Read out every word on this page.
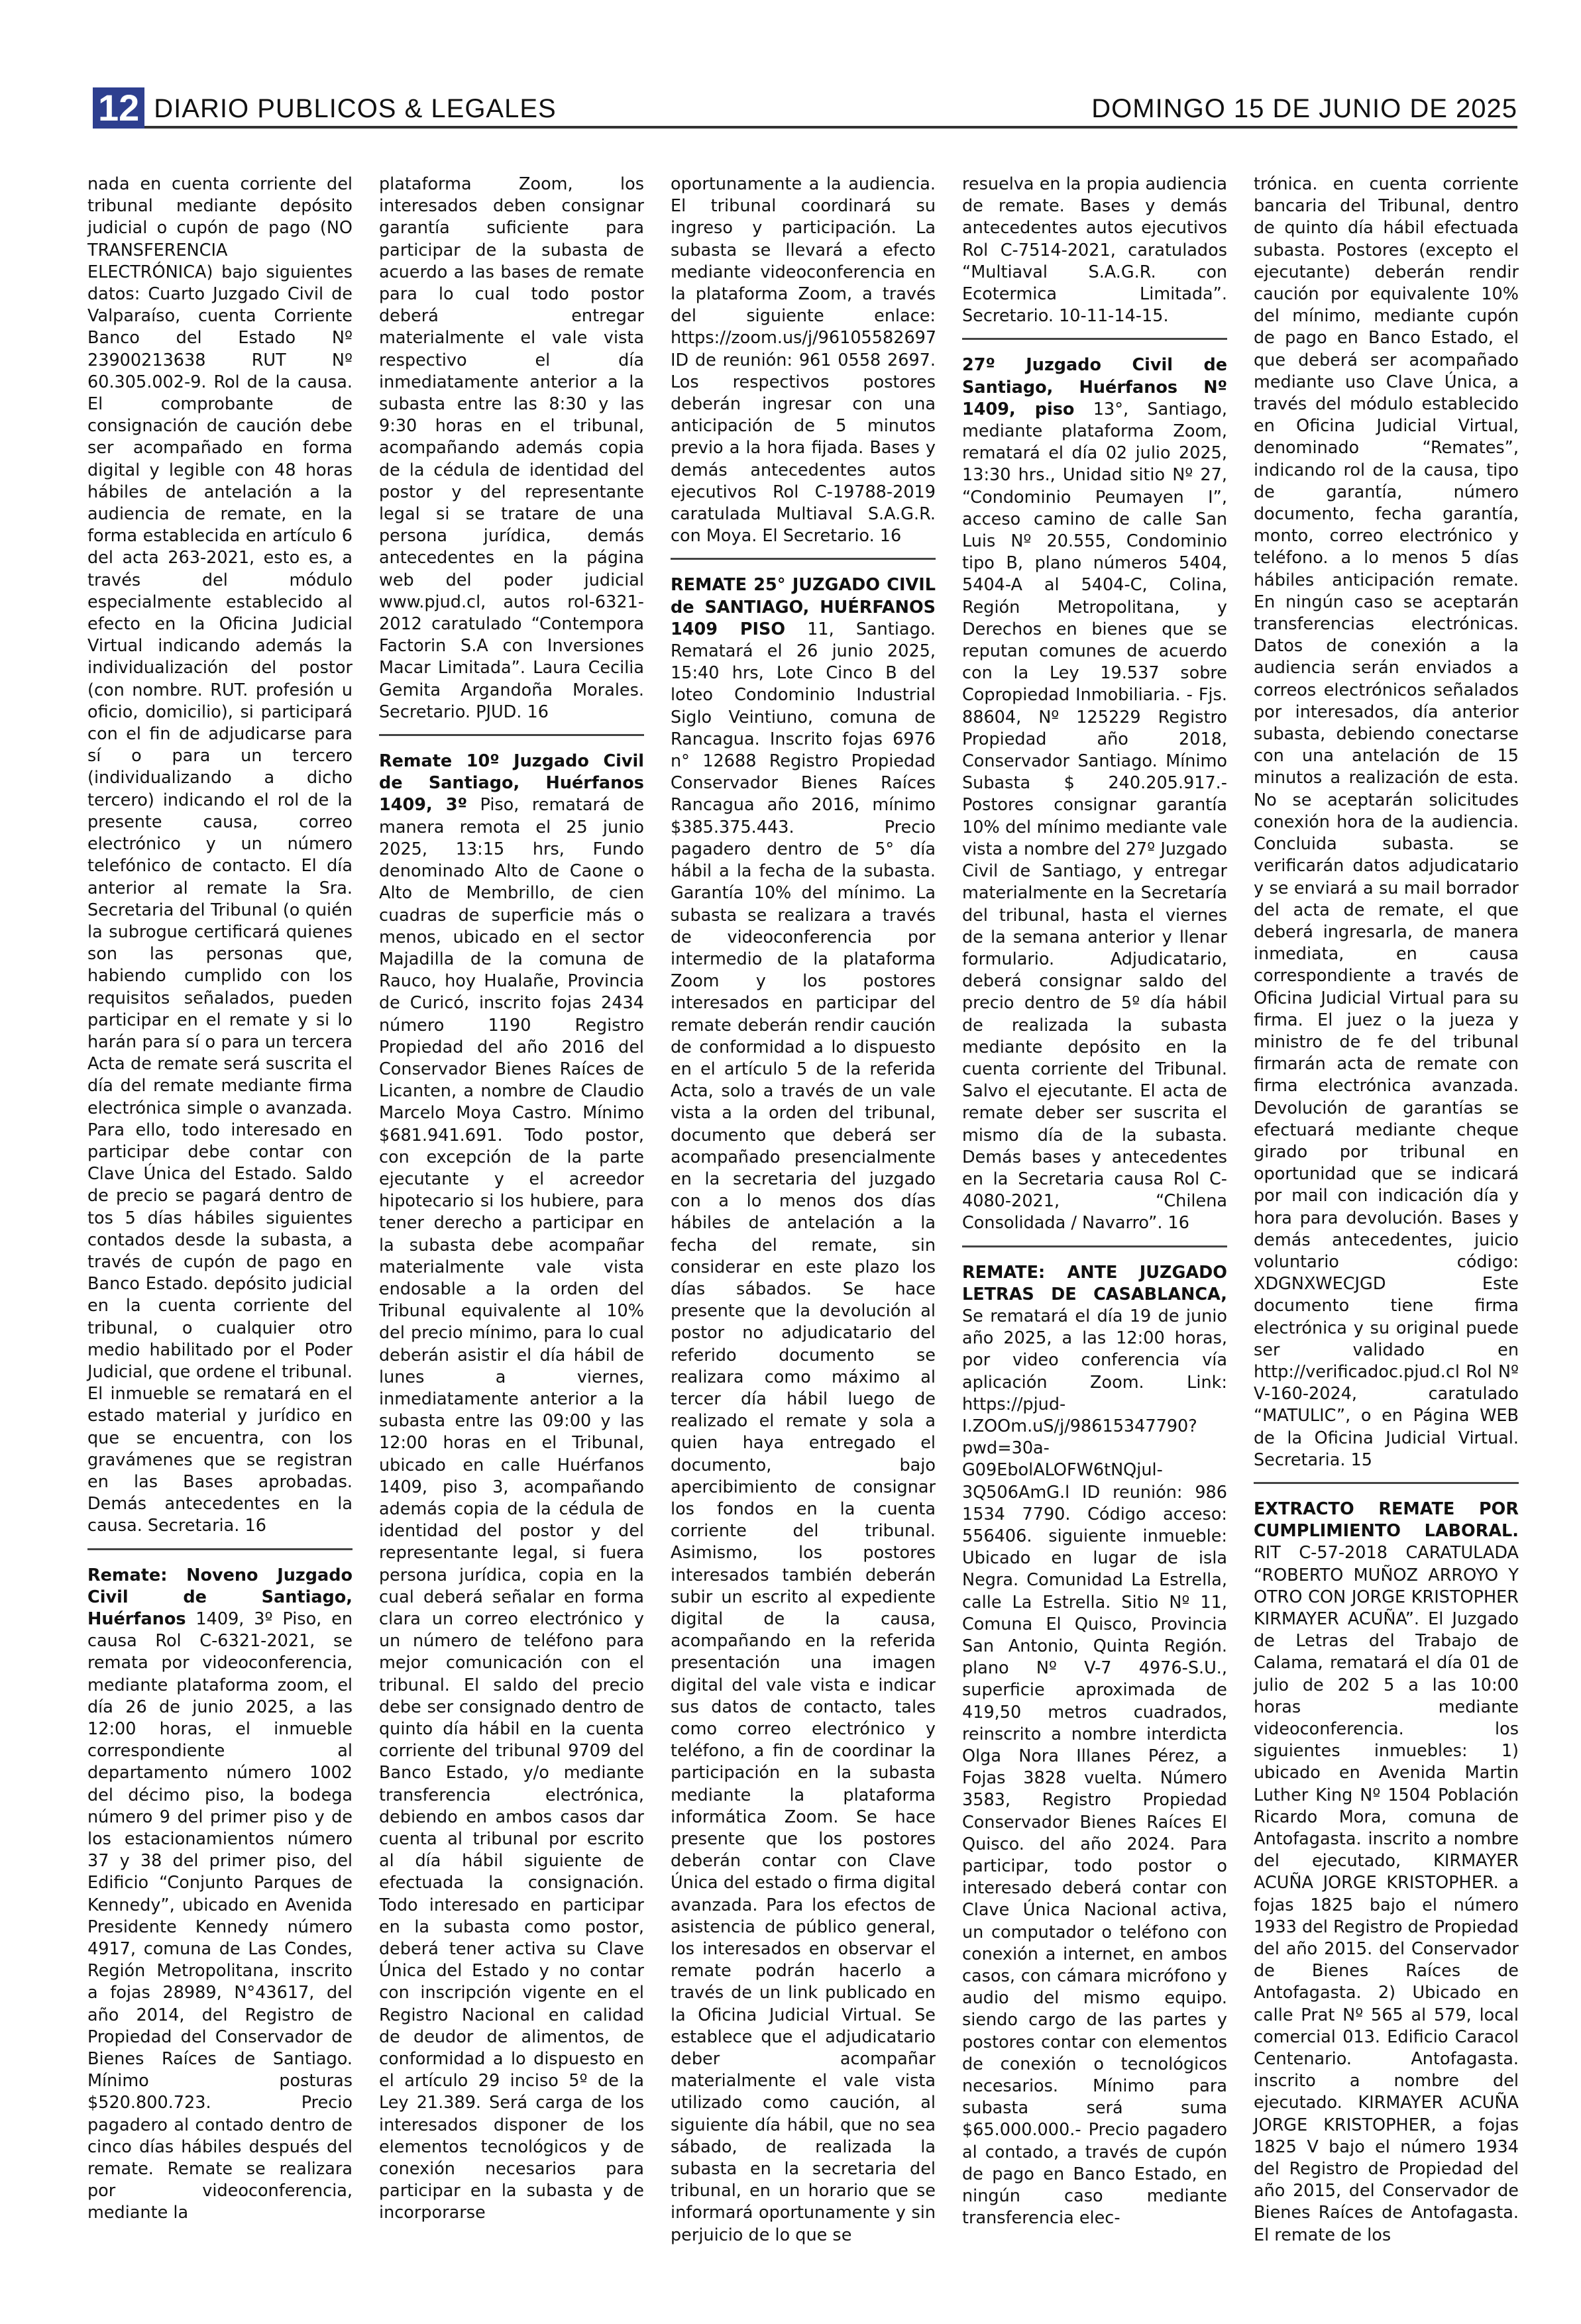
12 DIARIO PUBLICOS & LEGALES	DOMINGO 15 DE JUNIO DE 2025

nada en cuenta corriente del tribunal mediante depósito judicial o cupón de pago (NO TRANSFERENCIA ELECTRÓNICA) bajo siguientes datos: Cuarto Juzgado Civil de Valparaíso, cuenta Corriente Banco del Estado Nº 23900213638 RUT Nº 60.305.002-9. Rol de la causa. El comprobante de consignación de caución debe ser acompañado en forma digital y legible con 48 horas hábiles de antelación a la audiencia de remate, en la forma establecida en artículo 6 del acta 263-2021, esto es, a través del módulo especialmente establecido al efecto en la Oficina Judicial Virtual indicando además la individualización del postor (con nombre. RUT. profesión u oficio, domicilio), si participará con el fin de adjudicarse para sí o para un tercero (individualizando a dicho tercero) indicando el rol de la presente causa, correo electrónico y un número telefónico de contacto. El día anterior al remate la Sra. Secretaria del Tribunal (o quién la subrogue certificará quienes son las personas que, habiendo cumplido con los requisitos señalados, pueden participar en el remate y si lo harán para sí o para un tercera Acta de remate será suscrita el día del remate mediante firma electrónica simple o avanzada. Para ello, todo interesado en participar debe contar con Clave Única del Estado. Saldo de precio se pagará dentro de tos 5 días hábiles siguientes contados desde la subasta, a través de cupón de pago en Banco Estado. depósito judicial en la cuenta corriente del tribunal, o cualquier otro medio habilitado por el Poder Judicial, que ordene el tribunal. El inmueble se rematará en el estado material y jurídico en que se encuentra, con los gravámenes que se registran en las Bases aprobadas. Demás antecedentes en la causa. Secretaria. 16

Remate: Noveno Juzgado Civil de Santiago, Huérfanos 1409, 3º Piso, en causa Rol C-6321-2021, se remata por videoconferencia, mediante plataforma zoom, el día 26 de junio 2025, a las 12:00 horas, el inmueble correspondiente al departamento número 1002 del décimo piso, la bodega número 9 del primer piso y de los estacionamientos número 37 y 38 del primer piso, del Edificio “Conjunto Parques de Kennedy”, ubicado en Avenida Presidente Kennedy número 4917, comuna de Las Condes, Región Metropolitana, inscrito a fojas 28989, N°43617, del año 2014, del Registro de Propiedad del Conservador de Bienes Raíces de Santiago. Mínimo posturas $520.800.723. Precio pagadero al contado dentro de cinco días hábiles después del remate. Remate se realizara por videoconferencia, mediante la

plataforma Zoom, los interesados deben consignar garantía suficiente para participar de la subasta de acuerdo a las bases de remate para lo cual todo postor deberá entregar materialmente el vale vista respectivo el día inmediatamente anterior a la subasta entre las 8:30 y las 9:30 horas en el tribunal, acompañando además copia de la cédula de identidad del postor y del representante legal si se tratare de una persona jurídica, demás antecedentes en la página web del poder judicial www.pjud.cl, autos rol-6321-2012 caratulado “Contempora Factorin S.A con Inversiones Macar Limitada”. Laura Cecilia Gemita Argandoña Morales. Secretario. PJUD. 16

Remate 10º Juzgado Civil de Santiago, Huérfanos 1409, 3º Piso, rematará de manera remota el 25 junio 2025, 13:15 hrs, Fundo denominado Alto de Caone o Alto de Membrillo, de cien cuadras de superficie más o menos, ubicado en el sector Majadilla de la comuna de Rauco, hoy Hualañe, Provincia de Curicó, inscrito fojas 2434 número 1190 Registro Propiedad del año 2016 del Conservador Bienes Raíces de Licanten, a nombre de Claudio Marcelo Moya Castro. Mínimo $681.941.691. Todo postor, con excepción de la parte ejecutante y el acreedor hipotecario si los hubiere, para tener derecho a participar en la subasta debe acompañar materialmente vale vista endosable a la orden del Tribunal equivalente al 10% del precio mínimo, para lo cual deberán asistir el día hábil de lunes a viernes, inmediatamente anterior a la subasta entre las 09:00 y las 12:00 horas en el Tribunal, ubicado en calle Huérfanos 1409, piso 3, acompañando además copia de la cédula de identidad del postor y del representante legal, si fuera persona jurídica, copia en la cual deberá señalar en forma clara un correo electrónico y un número de teléfono para mejor comunicación con el tribunal. El saldo del precio debe ser consignado dentro de quinto día hábil en la cuenta corriente del tribunal 9709 del Banco Estado, y/o mediante transferencia electrónica, debiendo en ambos casos dar cuenta al tribunal por escrito al día hábil siguiente de efectuada la consignación. Todo interesado en participar en la subasta como postor, deberá tener activa su Clave Única del Estado y no contar con inscripción vigente en el Registro Nacional en calidad de deudor de alimentos, de conformidad a lo dispuesto en el artículo 29 inciso 5º de la Ley 21.389. Será carga de los interesados disponer de los elementos tecnológicos y de conexión necesarios para participar en la subasta y de incorporarse

oportunamente a la audiencia. El tribunal coordinará su ingreso y participación. La subasta se llevará a efecto mediante videoconferencia en la plataforma Zoom, a través del siguiente enlace: https://zoom.us/j/96105582697 ID de reunión: 961 0558 2697. Los respectivos postores deberán ingresar con una anticipación de 5 minutos previo a la hora fijada. Bases y demás antecedentes autos ejecutivos Rol C-19788-2019 caratulada Multiaval S.A.G.R. con Moya. El Secretario. 16

REMATE 25° JUZGADO CIVIL de SANTIAGO, HUÉRFANOS 1409 PISO 11, Santiago. Rematará el 26 junio 2025, 15:40 hrs, Lote Cinco B del loteo Condominio Industrial Siglo Veintiuno, comuna de Rancagua. Inscrito fojas 6976 n° 12688 Registro Propiedad Conservador Bienes Raíces Rancagua año 2016, mínimo $385.375.443. Precio pagadero dentro de 5° día hábil a la fecha de la subasta. Garantía 10% del mínimo. La subasta se realizara a través de videoconferencia por intermedio de la plataforma Zoom y los postores interesados en participar del remate deberán rendir caución de conformidad a lo dispuesto en el artículo 5 de la referida Acta, solo a través de un vale vista a la orden del tribunal, documento que deberá ser acompañado presencialmente en la secretaria del juzgado con a lo menos dos días hábiles de antelación a la fecha del remate, sin considerar en este plazo los días sábados. Se hace presente que la devolución al postor no adjudicatario del referido documento se realizara como máximo al tercer día hábil luego de realizado el remate y sola a quien haya entregado el documento, bajo apercibimiento de consignar los fondos en la cuenta corriente del tribunal. Asimismo, los postores interesados también deberán subir un escrito al expediente digital de la causa, acompañando en la referida presentación una imagen digital del vale vista e indicar sus datos de contacto, tales como correo electrónico y teléfono, a fin de coordinar la participación en la subasta mediante la plataforma informática Zoom. Se hace presente que los postores deberán contar con Clave Única del estado o firma digital avanzada. Para los efectos de asistencia de público general, los interesados en observar el remate podrán hacerlo a través de un link publicado en la Oficina Judicial Virtual. Se establece que el adjudicatario deber acompañar materialmente el vale vista utilizado como caución, al siguiente día hábil, que no sea sábado, de realizada la subasta en la secretaria del tribunal, en un horario que se informará oportunamente y sin perjuicio de lo que se

resuelva en la propia audiencia de remate. Bases y demás antecedentes autos ejecutivos Rol C-7514-2021, caratulados “Multiaval S.A.G.R. con Ecotermica Limitada”. Secretario. 10-11-14-15.

27º Juzgado Civil de Santiago, Huérfanos Nº 1409, piso 13°, Santiago, mediante plataforma Zoom, rematará el día 02 julio 2025, 13:30 hrs., Unidad sitio Nº 27, “Condominio Peumayen I”, acceso camino de calle San Luis Nº 20.555, Condominio tipo B, plano números 5404, 5404-A al 5404-C, Colina, Región Metropolitana, y Derechos en bienes que se reputan comunes de acuerdo con la Ley 19.537 sobre Copropiedad Inmobiliaria. - Fjs. 88604, Nº 125229 Registro Propiedad año 2018, Conservador Santiago. Mínimo Subasta $ 240.205.917.- Postores consignar garantía 10% del mínimo mediante vale vista a nombre del 27º Juzgado Civil de Santiago, y entregar materialmente en la Secretaría del tribunal, hasta el viernes de la semana anterior y llenar formulario. Adjudicatario, deberá consignar saldo del precio dentro de 5º día hábil de realizada la subasta mediante depósito en la cuenta corriente del Tribunal. Salvo el ejecutante. El acta de remate deber ser suscrita el mismo día de la subasta. Demás bases y antecedentes en la Secretaria causa Rol C-4080-2021, “Chilena Consolidada / Navarro”. 16

REMATE: ANTE JUZGADO LETRAS DE CASABLANCA, Se rematará el día 19 de junio año 2025, a las 12:00 horas, por video conferencia vía aplicación Zoom. Link: https://pjud-I.ZOOm.uS/j/98615347790?pwd=30a-G09EbolALOFW6tNQjul-3Q506AmG.l ID reunión: 986 1534 7790. Código acceso: 556406. siguiente inmueble: Ubicado en lugar de isla Negra. Comunidad La Estrella, calle La Estrella. Sitio Nº 11, Comuna El Quisco, Provincia San Antonio, Quinta Región. plano Nº V-7 4976-S.U., superficie aproximada de 419,50 metros cuadrados, reinscrito a nombre interdicta Olga Nora Illanes Pérez, a Fojas 3828 vuelta. Número 3583, Registro Propiedad Conservador Bienes Raíces El Quisco. del año 2024. Para participar, todo postor o interesado deberá contar con Clave Única Nacional activa, un computador o teléfono con conexión a internet, en ambos casos, con cámara micrófono y audio del mismo equipo. siendo cargo de las partes y postores contar con elementos de conexión o tecnológicos necesarios. Mínimo para subasta será suma $65.000.000.- Precio pagadero al contado, a través de cupón de pago en Banco Estado, en ningún caso mediante transferencia elec-

trónica. en cuenta corriente bancaria del Tribunal, dentro de quinto día hábil efectuada subasta. Postores (excepto el ejecutante) deberán rendir caución por equivalente 10% del mínimo, mediante cupón de pago en Banco Estado, el que deberá ser acompañado mediante uso Clave Única, a través del módulo establecido en Oficina Judicial Virtual, denominado “Remates”, indicando rol de la causa, tipo de garantía, número documento, fecha garantía, monto, correo electrónico y teléfono. a lo menos 5 días hábiles anticipación remate. En ningún caso se aceptarán transferencias electrónicas. Datos de conexión a la audiencia serán enviados a correos electrónicos señalados por interesados, día anterior subasta, debiendo conectarse con una antelación de 15 minutos a realización de esta. No se aceptarán solicitudes conexión hora de la audiencia. Concluida subasta. se verificarán datos adjudicatario y se enviará a su mail borrador del acta de remate, el que deberá ingresarla, de manera inmediata, en causa correspondiente a través de Oficina Judicial Virtual para su firma. El juez o la jueza y ministro de fe del tribunal firmarán acta de remate con firma electrónica avanzada. Devolución de garantías se efectuará mediante cheque girado por tribunal en oportunidad que se indicará por mail con indicación día y hora para devolución. Bases y demás antecedentes, juicio voluntario código: XDGNXWECJGD Este documento tiene firma electrónica y su original puede ser validado en http://verificadoc.pjud.cl Rol Nº V-160-2024, caratulado “MATULIC”, o en Página WEB de la Oficina Judicial Virtual. Secretaria. 15

EXTRACTO REMATE POR CUMPLIMIENTO LABORAL. RIT C-57-2018 CARATULADA “ROBERTO MUÑOZ ARROYO Y OTRO CON JORGE KRISTOPHER KIRMAYER ACUÑA”. El Juzgado de Letras del Trabajo de Calama, rematará el día 01 de julio de 202 5 a las 10:00 horas mediante videoconferencia. los siguientes inmuebles: 1) ubicado en Avenida Martin Luther King Nº 1504 Población Ricardo Mora, comuna de Antofagasta. inscrito a nombre del ejecutado, KIRMAYER ACUÑA JORGE KRISTOPHER. a fojas 1825 bajo el número 1933 del Registro de Propiedad del año 2015. del Conservador de Bienes Raíces de Antofagasta. 2) Ubicado en calle Prat Nº 565 al 579, local comercial 013. Edificio Caracol Centenario. Antofagasta. inscrito a nombre del ejecutado. KIRMAYER ACUÑA JORGE KRISTOPHER, a fojas 1825 V bajo el número 1934 del Registro de Propiedad del año 2015, del Conservador de Bienes Raíces de Antofagasta. El remate de los
